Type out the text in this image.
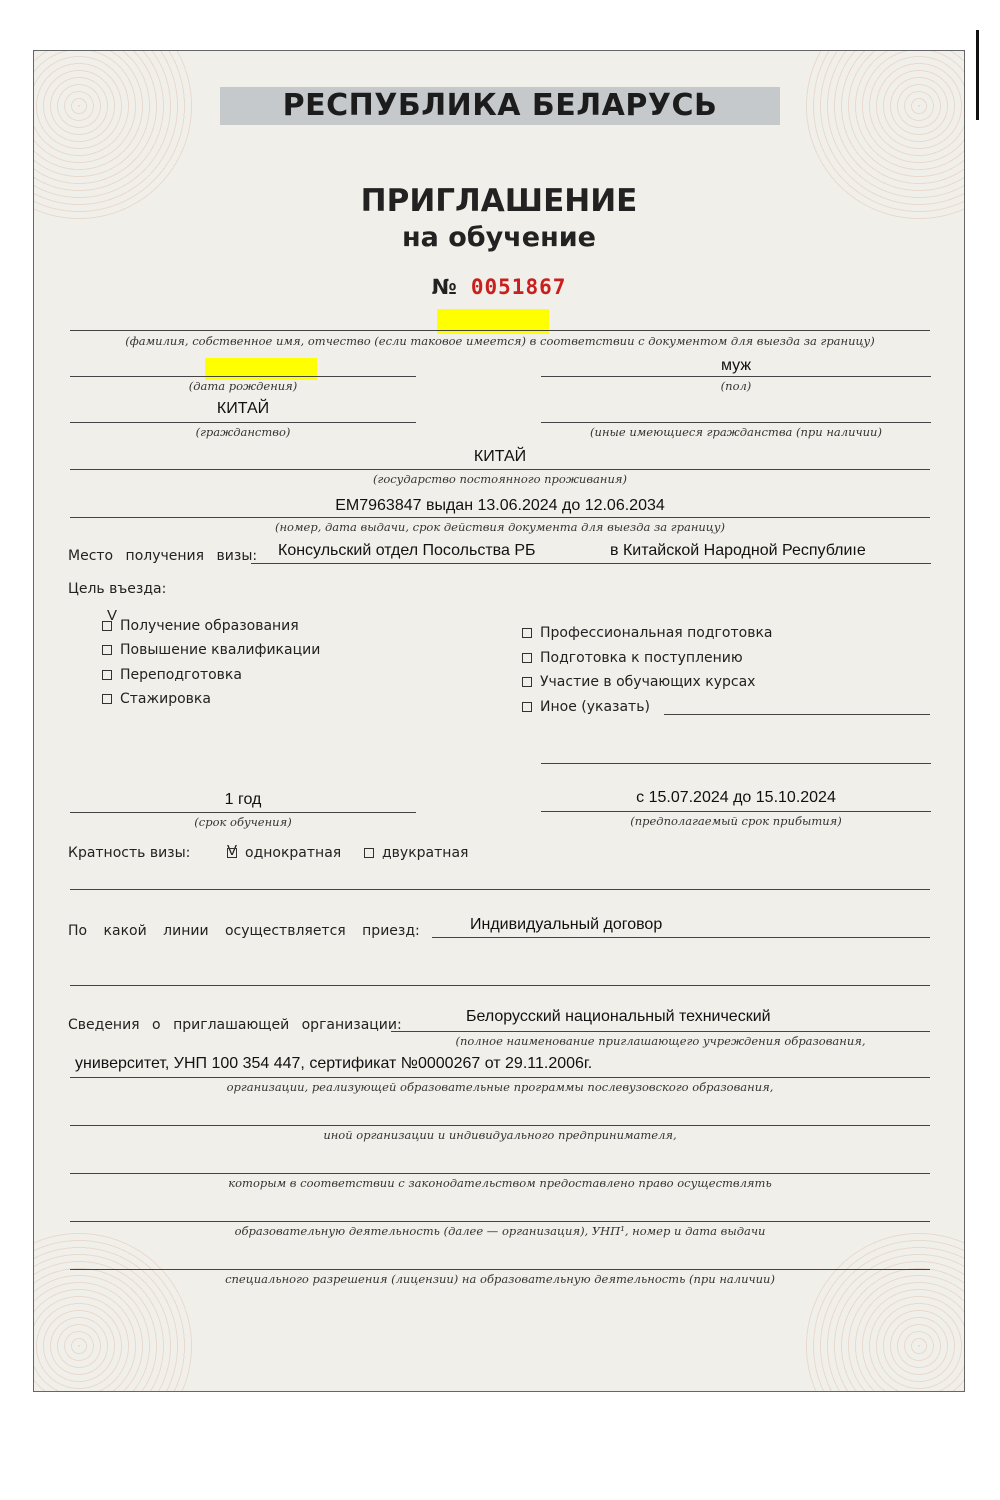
РЕСПУБЛИКА БЕЛАРУСЬ
ПРИГЛАШЕНИЕ
на обучение
№ 0051867
(фамилия, собственное имя, отчество (если таковое имеется) в соответствии с документом для выезда за границу)
(дата рождения)
муж
(пол)
КИТАЙ
(гражданство)	(иные имеющиеся гражданства (при наличии)
КИТАЙ
(государство постоянного проживания)
EM7963847 выдан 13.06.2024 до 12.06.2034
(номер, дата выдачи, срок действия документа для выезда за границу)
Место получения визы: Консульский отдел Посольства РБ	в Китайской Народной Республиıе
Цель въезда:
V
Получение образования
Повышение квалификации
Переподготовка
Стажировка
Профессиональная подготовка
Подготовка к поступлению
Участие в обучающих курсах
Иное (указать)
1 год
(срок обучения)
с 15.07.2024 до 15.10.2024
(предполагаемый срок прибытия)
Кратность визы: V однократная	двукратная
По какой линии осуществляется приезд:	Индивидуальный договор
Сведения о приглашающей организации:	Белорусский национальный технический
(полное наименование приглашающего учреждения образования,
университет, УНП 100 354 447, сертификат №0000267 от 29.11.2006г.
организации, реализующей образовательные программы послевузовского образования,
иной организации и индивидуального предпринимателя,
которым в соответствии с законодательством предоставлено право осуществлять
образовательную деятельность (далее — организация), УНП¹, номер и дата выдачи
специального разрешения (лицензии) на образовательную деятельность (при наличии)
